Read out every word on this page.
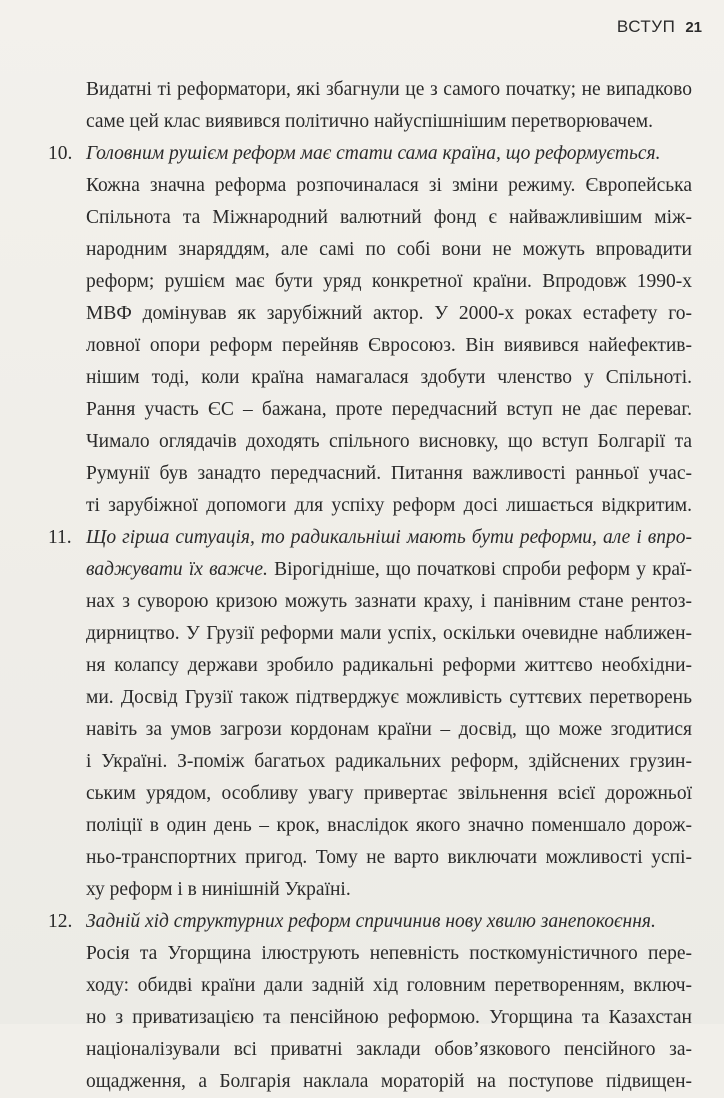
ВСТУП 21
Видатні ті реформатори, які збагнули це з самого початку; не випадково
саме цей клас виявився політично найуспішнішим перетворювачем.
10. Головним рушієм реформ має стати сама країна, що реформується.
Кожна значна реформа розпочиналася зі зміни режиму. Європейська
Спільнота та Міжнародний валютний фонд є найважливішим між-
народним знаряддям, але самі по собі вони не можуть впровадити
реформ; рушієм має бути уряд конкретної країни. Впродовж 1990-х
МВФ домінував як зарубіжний актор. У 2000-х роках естафету го-
ловної опори реформ перейняв Євросоюз. Він виявився найефектив-
нішим тоді, коли країна намагалася здобути членство у Спільноті.
Рання участь ЄС – бажана, проте передчасний вступ не дає переваг.
Чимало оглядачів доходять спільного висновку, що вступ Болгарії та
Румунії був занадто передчасний. Питання важливості ранньої учас-
ті зарубіжної допомоги для успіху реформ досі лишається відкритим.
11. Що гірша ситуація, то радикальніші мають бути реформи, але і впро-
ваджувати їх важче. Вірогідніше, що початкові спроби реформ у краї-
нах з суворою кризою можуть зазнати краху, і панівним стане рентоз-
дирництво. У Грузії реформи мали успіх, оскільки очевидне наближен-
ня колапсу держави зробило радикальні реформи життєво необхідни-
ми. Досвід Грузії також підтверджує можливість суттєвих перетворень
навіть за умов загрози кордонам країни – досвід, що може згодитися
і Україні. З-поміж багатьох радикальних реформ, здійснених грузин-
ським урядом, особливу увагу привертає звільнення всієї дорожньої
поліції в один день – крок, внаслідок якого значно поменшало дорож-
ньо-транспортних пригод. Тому не варто виключати можливості успі-
ху реформ і в нинішній Україні.
12. Задній хід структурних реформ спричинив нову хвилю занепокоєння.
Росія та Угорщина ілюструють непевність посткомуністичного пере-
ходу: обидві країни дали задній хід головним перетворенням, включ-
но з приватизацією та пенсійною реформою. Угорщина та Казахстан
націоналізували всі приватні заклади обов’язкового пенсійного за-
ощадження, а Болгарія наклала мораторій на поступове підвищен-
